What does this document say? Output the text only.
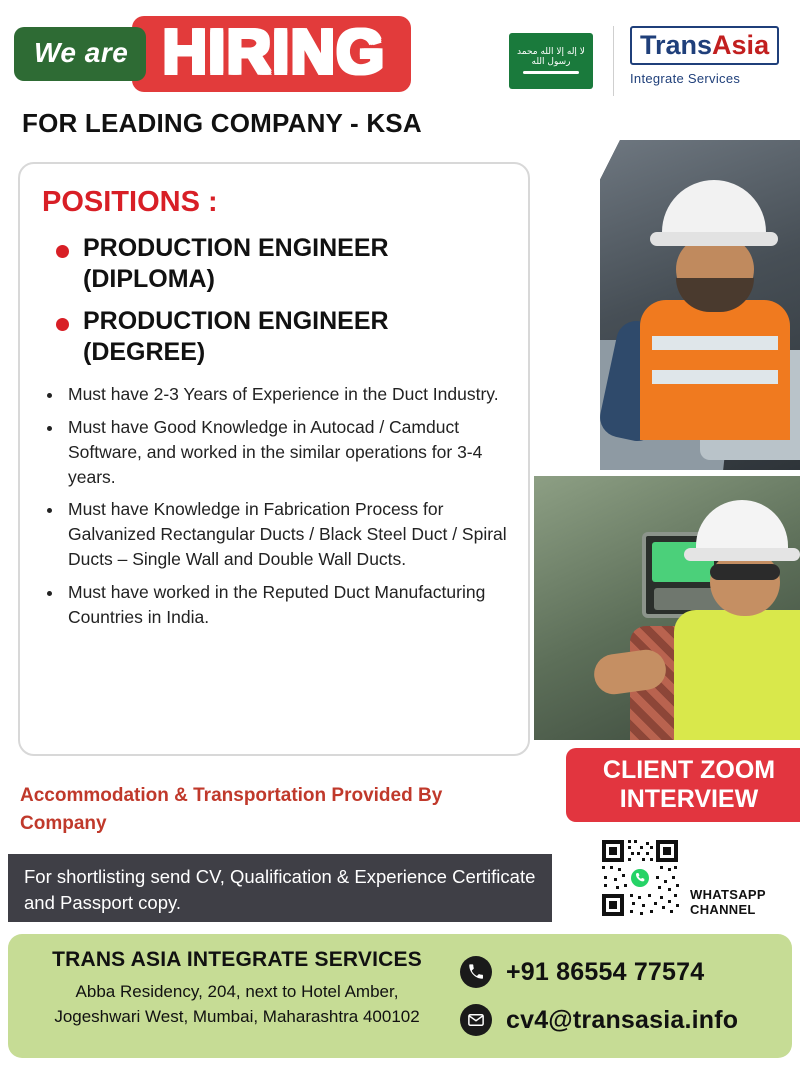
We are HIRING
FOR LEADING COMPANY - KSA
لا إله إلا الله محمد رسول الله
TransAsia
Integrate Services
POSITIONS :
PRODUCTION ENGINEER (DIPLOMA)
PRODUCTION ENGINEER (DEGREE)
• Must have 2-3 Years of Experience in the Duct Industry.
• Must have Good Knowledge in Autocad / Camduct Software, and worked in the similar operations for 3-4 years.
• Must have Knowledge in Fabrication Process for Galvanized Rectangular Ducts / Black Steel Duct / Spiral Ducts – Single Wall and Double Wall Ducts.
• Must have worked in the Reputed Duct Manufacturing Countries in India.
Accommodation & Transportation Provided By Company
For shortlisting send CV, Qualification & Experience Certificate and Passport copy.
CLIENT ZOOM INTERVIEW
WHATSAPP CHANNEL
TRANS ASIA INTEGRATE SERVICES
Abba Residency, 204, next to Hotel Amber, Jogeshwari West, Mumbai, Maharashtra 400102
+91 86554 77574
cv4@transasia.info
